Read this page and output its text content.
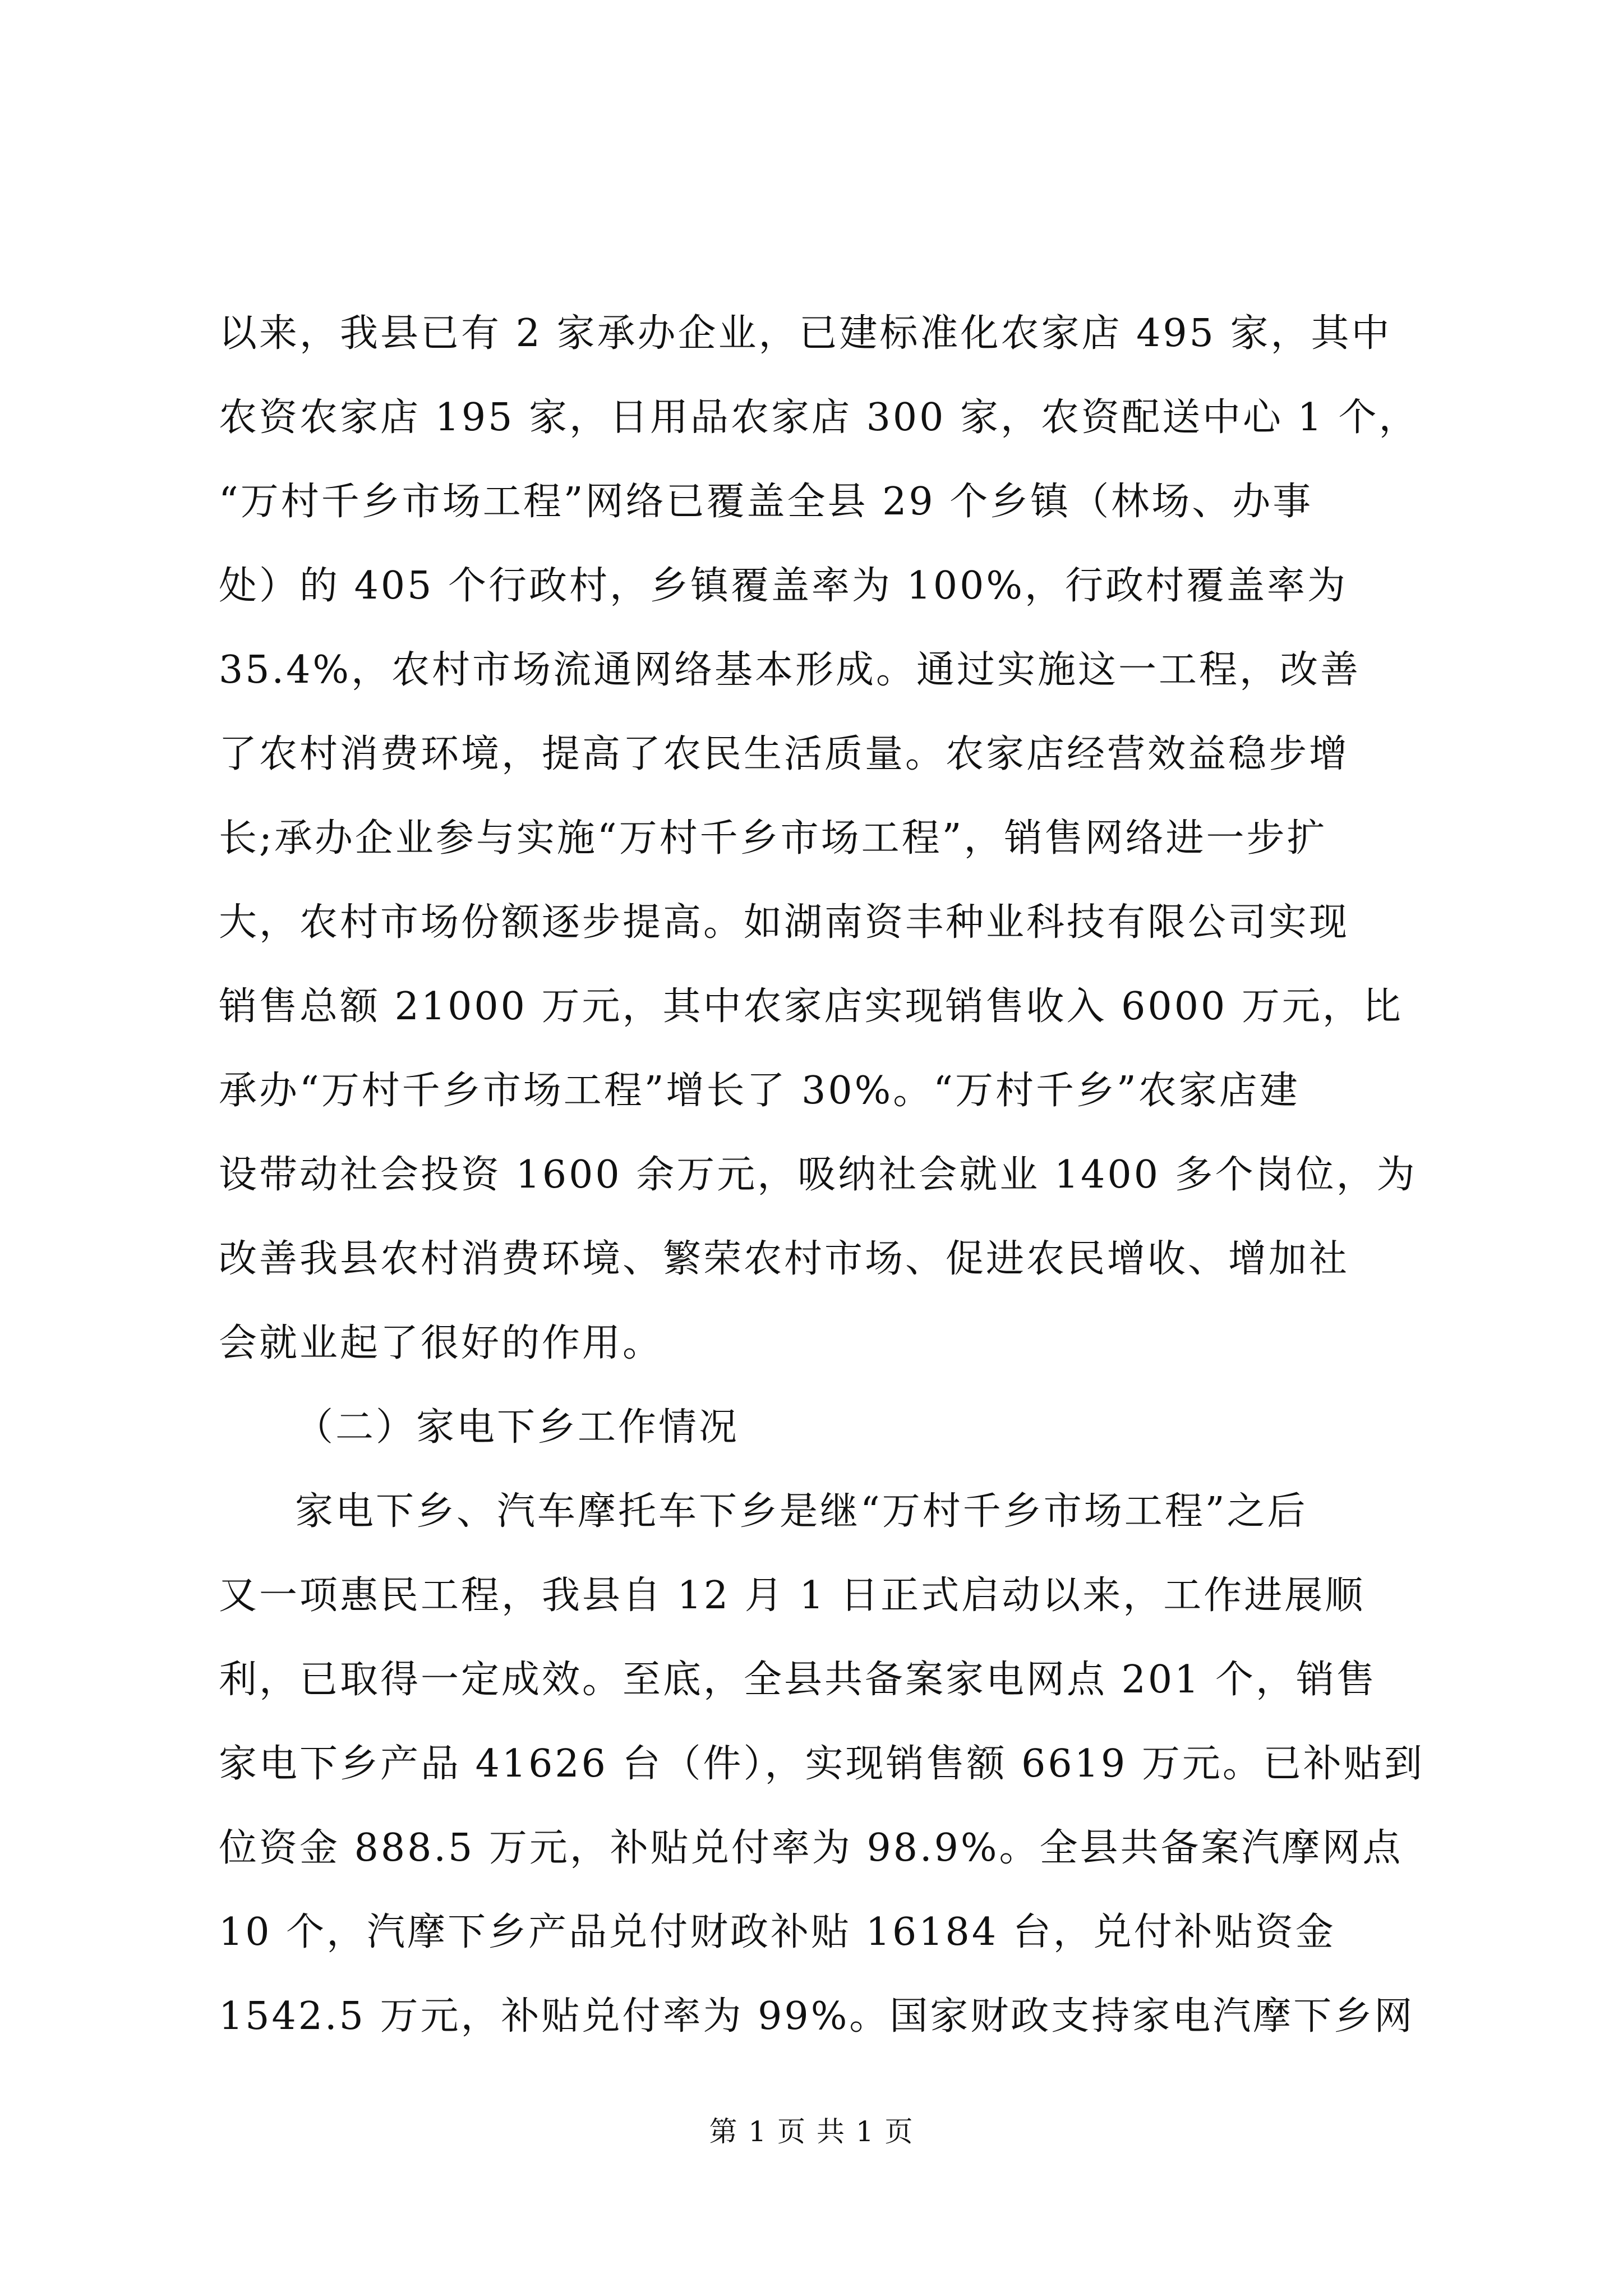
以来，我县已有 2 家承办企业，已建标准化农家店 495 家，其中
农资农家店 195 家，日用品农家店 300 家，农资配送中心 1 个，
“万村千乡市场工程”网络已覆盖全县 29 个乡镇（林场、办事
处）的 405 个行政村，乡镇覆盖率为 100%，行政村覆盖率为
35.4%，农村市场流通网络基本形成。通过实施这一工程，改善
了农村消费环境，提高了农民生活质量。农家店经营效益稳步增
长;承办企业参与实施“万村千乡市场工程”，销售网络进一步扩
大，农村市场份额逐步提高。如湖南资丰种业科技有限公司实现
销售总额 21000 万元，其中农家店实现销售收入 6000 万元，比
承办“万村千乡市场工程”增长了 30%。“万村千乡”农家店建
设带动社会投资 1600 余万元，吸纳社会就业 1400 多个岗位，为
改善我县农村消费环境、繁荣农村市场、促进农民增收、增加社
会就业起了很好的作用。
（二）家电下乡工作情况
家电下乡、汽车摩托车下乡是继“万村千乡市场工程”之后
又一项惠民工程，我县自 12 月 1 日正式启动以来，工作进展顺
利，已取得一定成效。至底，全县共备案家电网点 201 个，销售
家电下乡产品 41626 台（件），实现销售额 6619 万元。已补贴到
位资金 888.5 万元，补贴兑付率为 98.9%。全县共备案汽摩网点
10 个，汽摩下乡产品兑付财政补贴 16184 台，兑付补贴资金
1542.5 万元，补贴兑付率为 99%。国家财政支持家电汽摩下乡网
第 1 页 共 1 页
